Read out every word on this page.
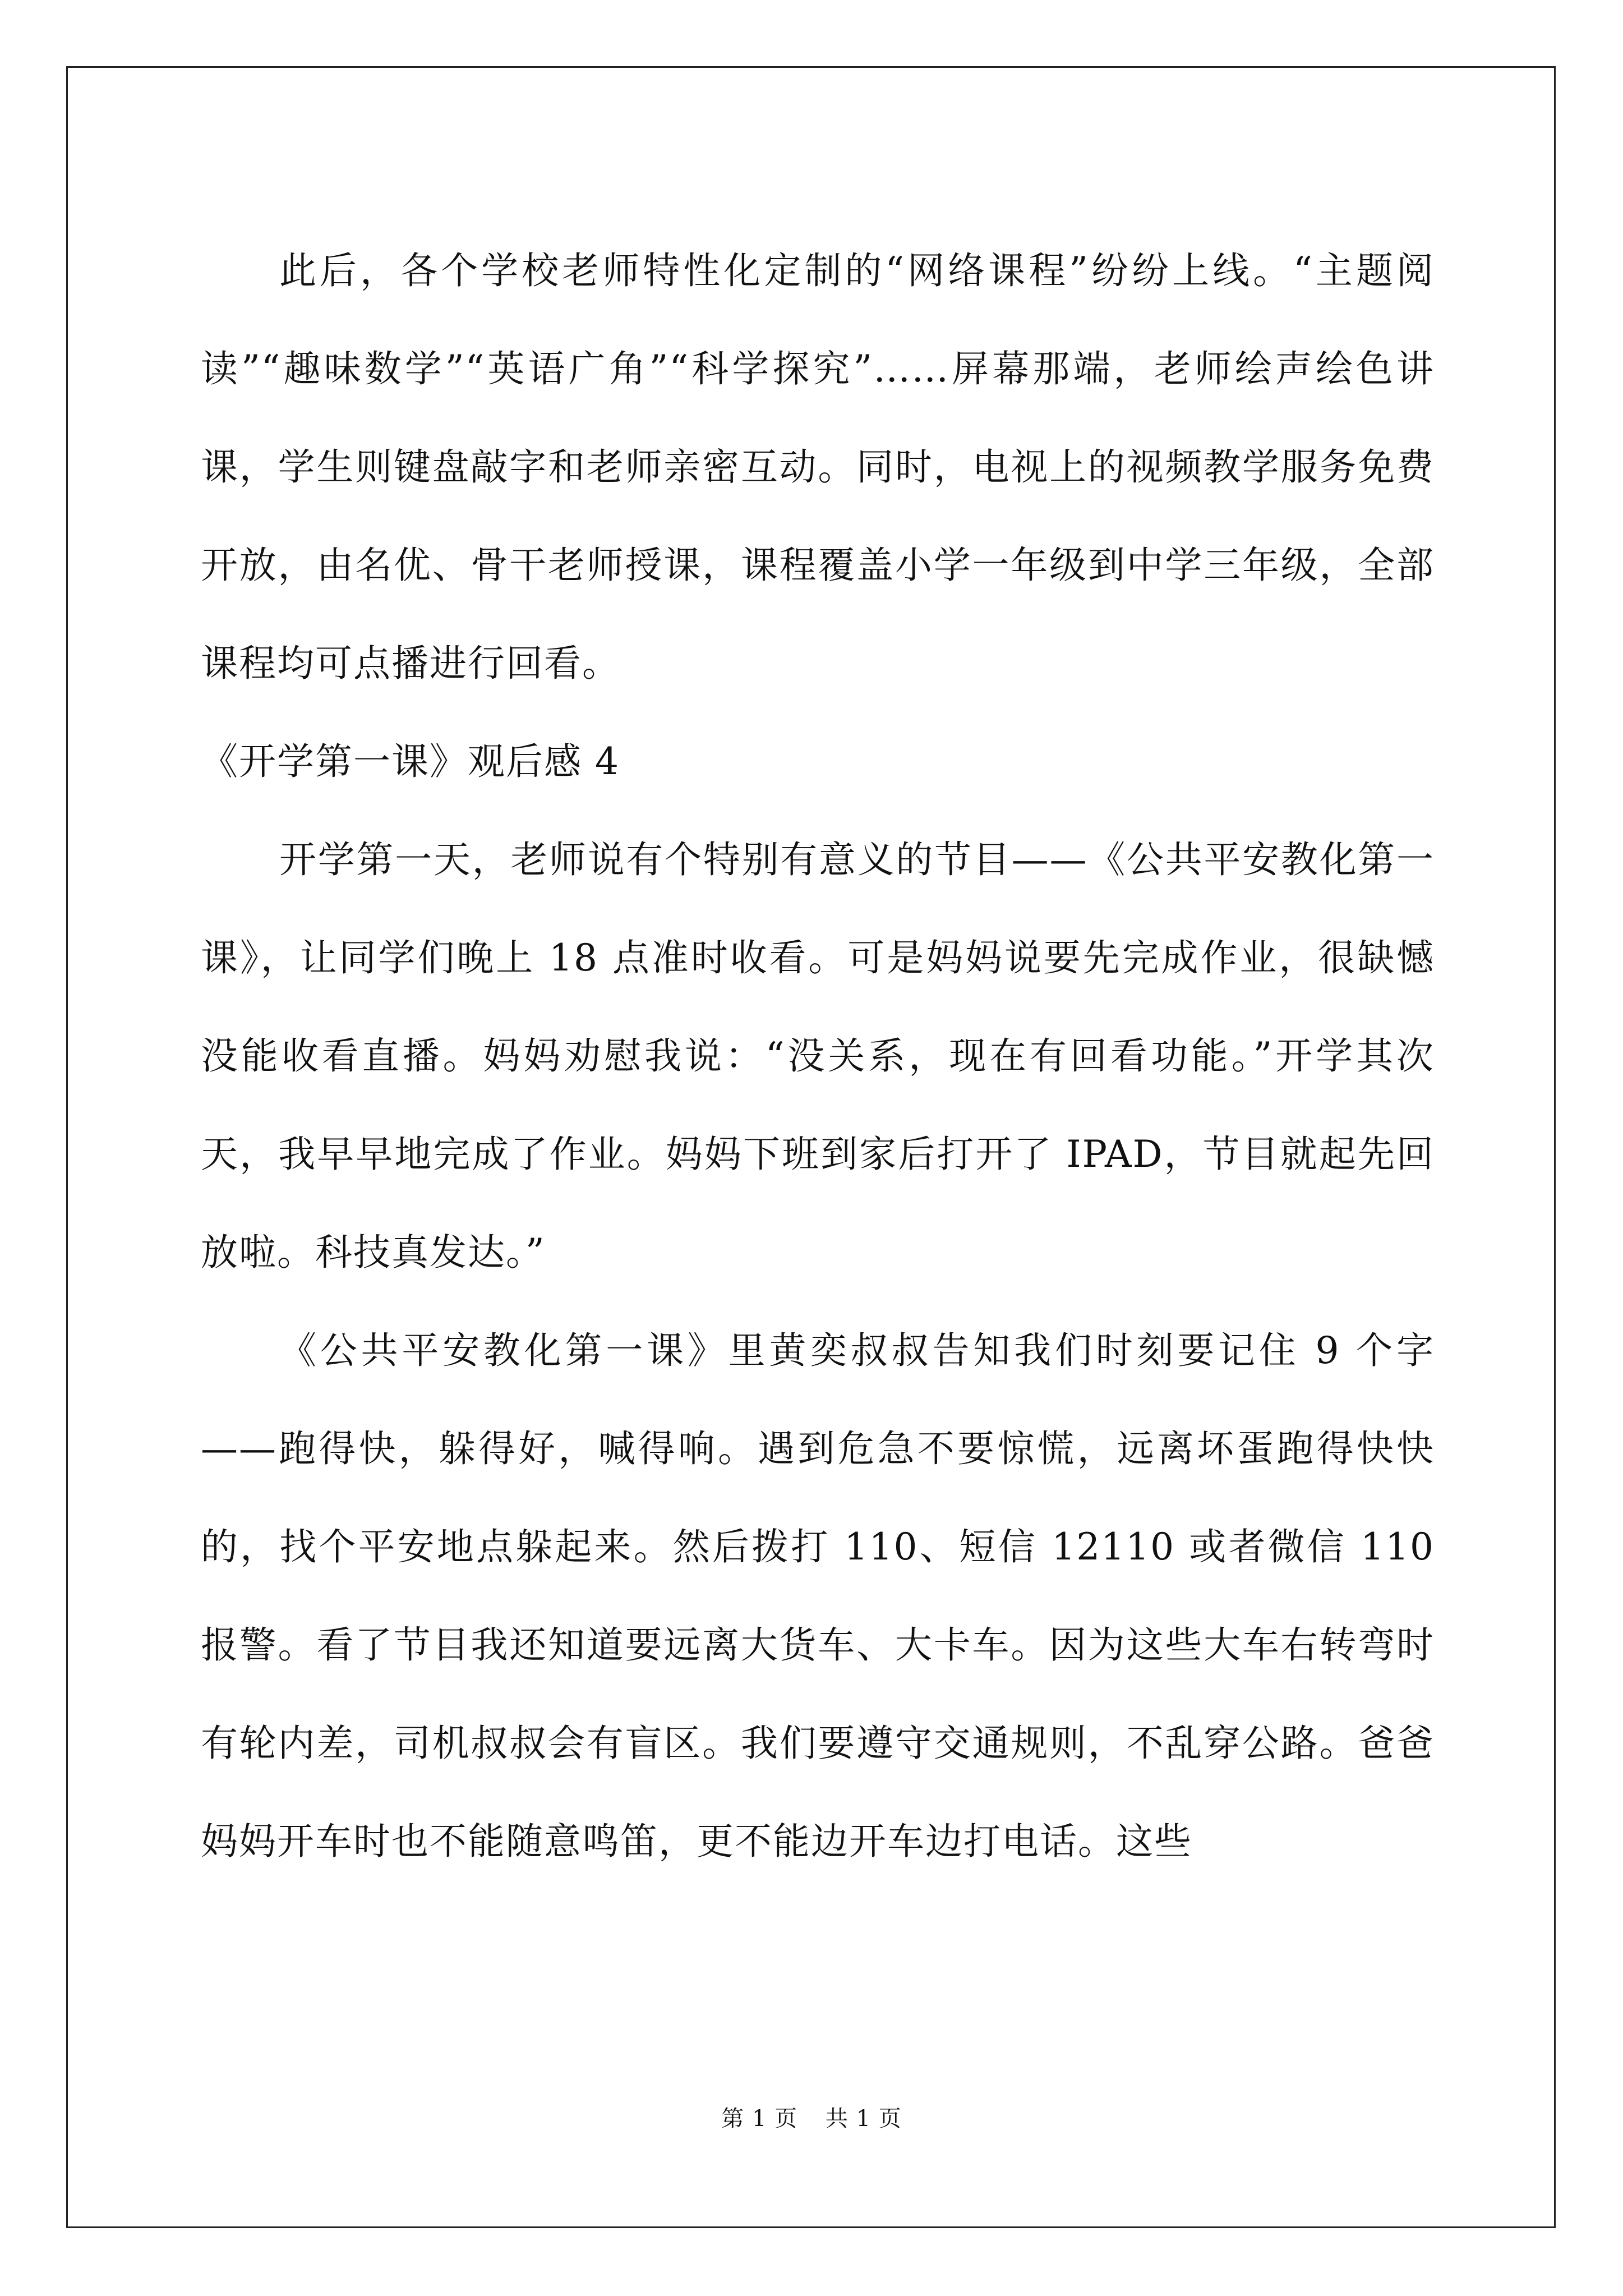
此后，各个学校老师特性化定制的“网络课程”纷纷上线。“主题阅读”“趣味数学”“英语广角”“科学探究”……屏幕那端，老师绘声绘色讲课，学生则键盘敲字和老师亲密互动。同时，电视上的视频教学服务免费开放，由名优、骨干老师授课，课程覆盖小学一年级到中学三年级，全部课程均可点播进行回看。

《开学第一课》观后感 4

开学第一天，老师说有个特别有意义的节目——《公共平安教化第一课》，让同学们晚上 18 点准时收看。可是妈妈说要先完成作业，很缺憾没能收看直播。妈妈劝慰我说：“没关系，现在有回看功能。”开学其次天，我早早地完成了作业。妈妈下班到家后打开了 IPAD，节目就起先回放啦。科技真发达。”

《公共平安教化第一课》里黄奕叔叔告知我们时刻要记住 9 个字——跑得快，躲得好，喊得响。遇到危急不要惊慌，远离坏蛋跑得快快的，找个平安地点躲起来。然后拨打 110、短信 12110 或者微信 110 报警。看了节目我还知道要远离大货车、大卡车。因为这些大车右转弯时有轮内差，司机叔叔会有盲区。我们要遵守交通规则，不乱穿公路。爸爸妈妈开车时也不能随意鸣笛，更不能边开车边打电话。这些

第 1 页 共 1 页
